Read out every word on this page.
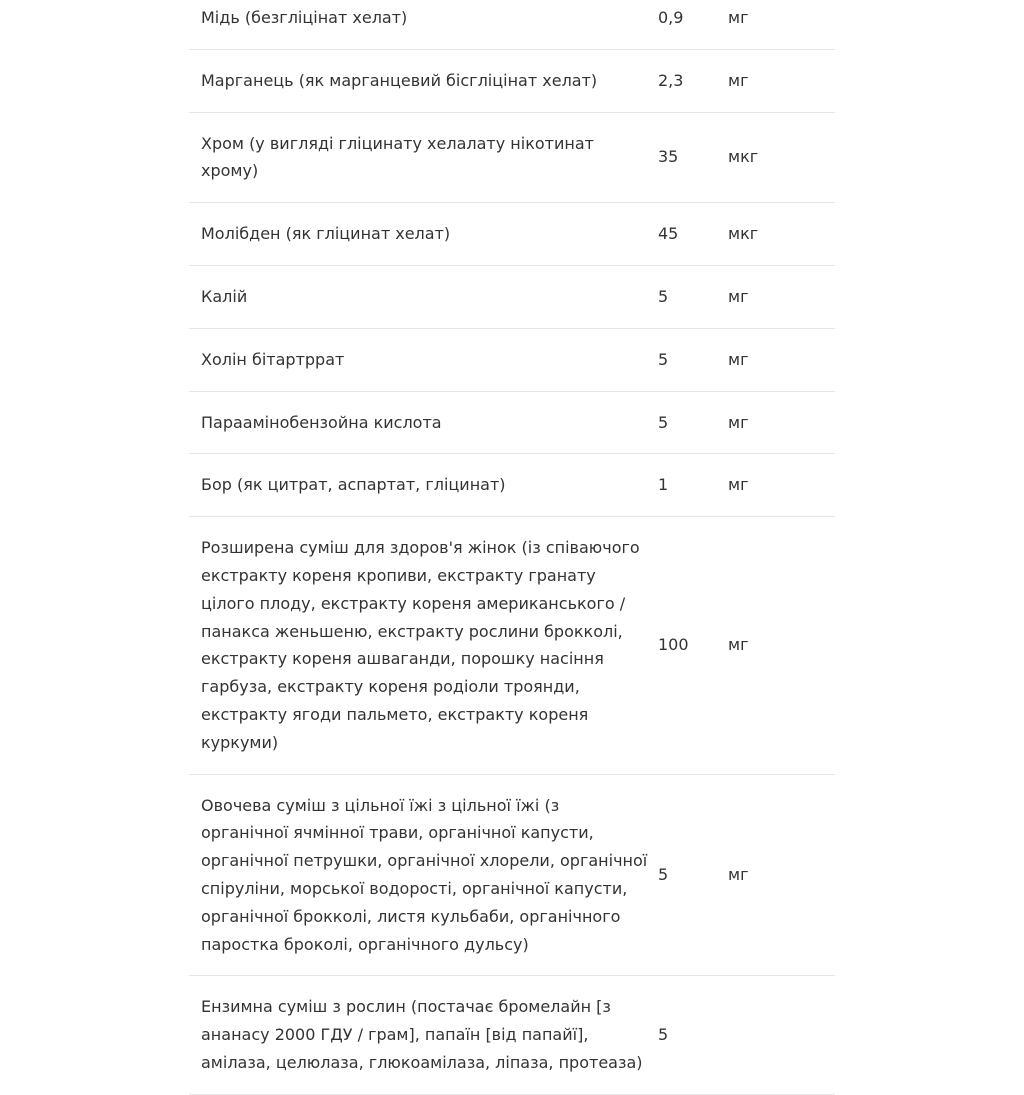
Мідь (безгліцінат хелат)	0,9	мг
Марганець (як марганцевий бісгліцінат хелат)	2,3	мг
Хром (у вигляді гліцинату хелалату нікотинат хрому)	35	мкг
Молібден (як гліцинат хелат)	45	мкг
Калій	5	мг
Холін бітартррат	5	мг
Параамінобензойна кислота	5	мг
Бор (як цитрат, аспартат, гліцинат)	1	мг
Розширена суміш для здоров'я жінок (із співаючого екстракту кореня кропиви, екстракту гранату цілого плоду, екстракту кореня американського / панакса женьшеню, екстракту рослини брокколі, екстракту кореня ашваганди, порошку насіння гарбуза, екстракту кореня родіоли троянди, екстракту ягоди пальмето, екстракту кореня куркуми)	100	мг
Овочева суміш з цільної їжі з цільної їжі (з органічної ячмінної трави, органічної капусти, органічної петрушки, органічної хлорели, органічної спіруліни, морської водорості, органічної капусти, органічної брокколі, листя кульбаби, органічного паростка броколі, органічного дульсу)	5	мг
Ензимна суміш з рослин (постачає бромелайн [з ананасу 2000 ГДУ / грам], папаїн [від папайї], амілаза, целюлаза, глюкоамілаза, ліпаза, протеаза)	5	
